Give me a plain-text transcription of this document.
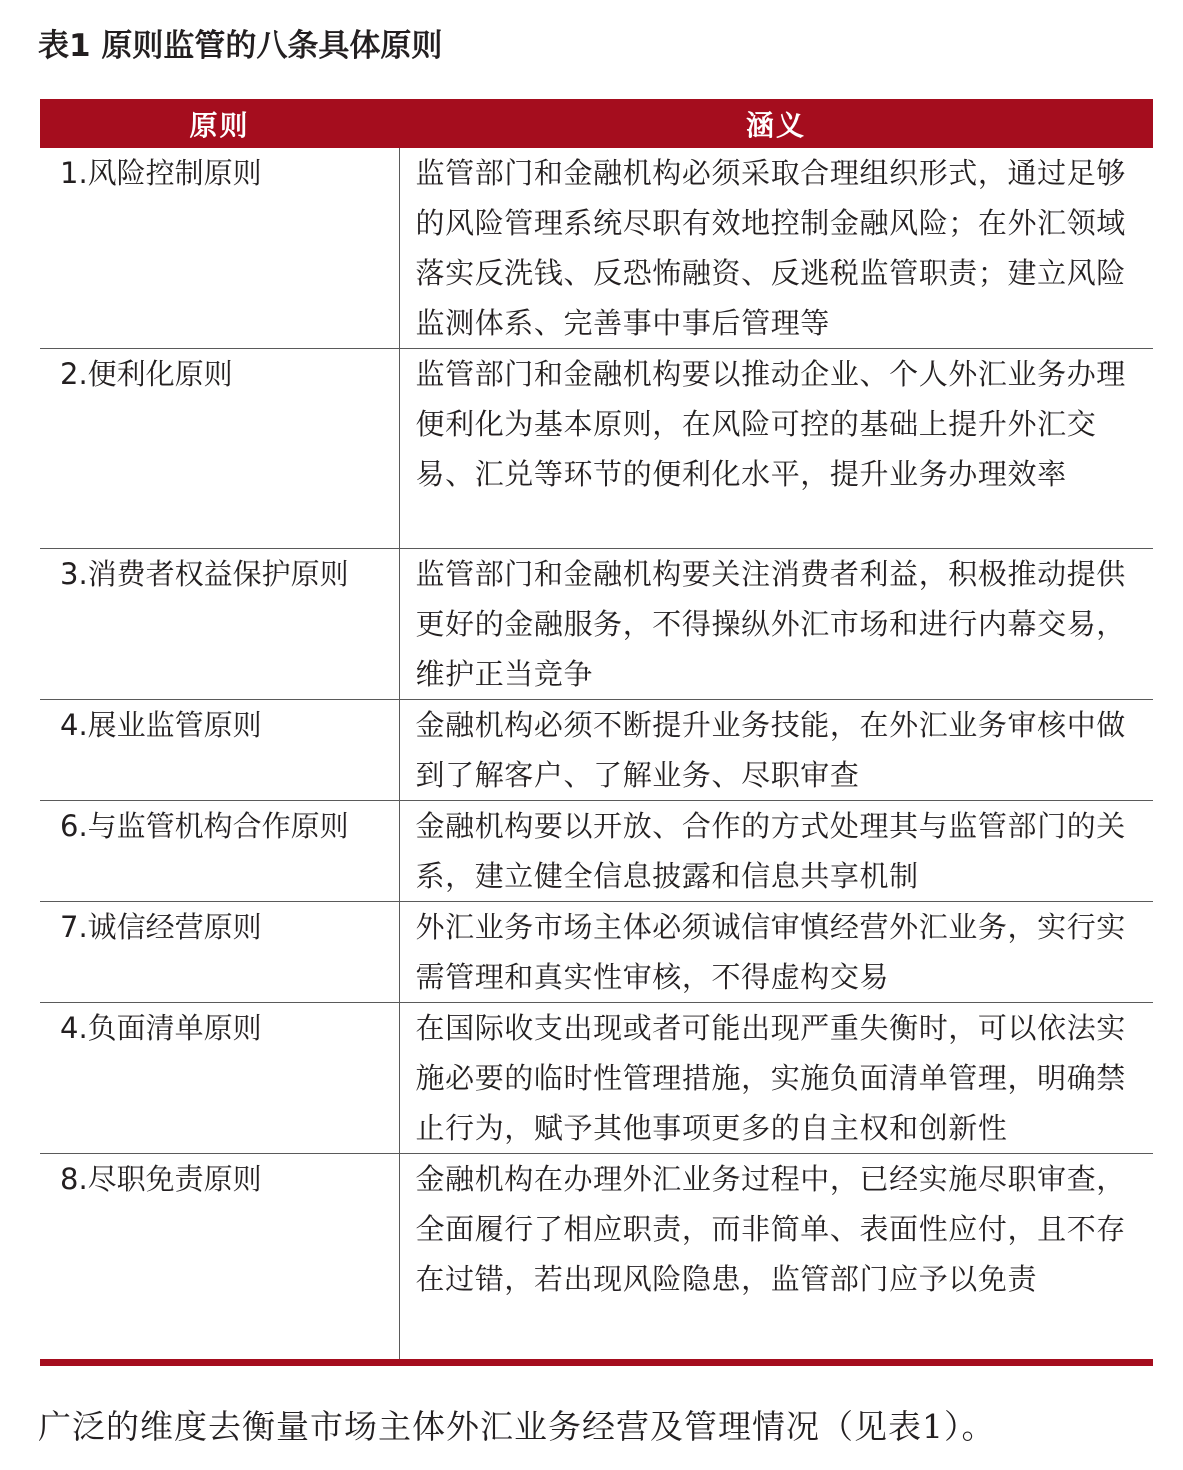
表1 原则监管的八条具体原则
原则	涵义
1.风险控制原则	监管部门和金融机构必须采取合理组织形式，通过足够的风险管理系统尽职有效地控制金融风险；在外汇领域落实反洗钱、反恐怖融资、反逃税监管职责；建立风险监测体系、完善事中事后管理等
2.便利化原则	监管部门和金融机构要以推动企业、个人外汇业务办理便利化为基本原则，在风险可控的基础上提升外汇交易、汇兑等环节的便利化水平，提升业务办理效率
3.消费者权益保护原则	监管部门和金融机构要关注消费者利益，积极推动提供更好的金融服务，不得操纵外汇市场和进行内幕交易，维护正当竞争
4.展业监管原则	金融机构必须不断提升业务技能，在外汇业务审核中做到了解客户、了解业务、尽职审查
6.与监管机构合作原则	金融机构要以开放、合作的方式处理其与监管部门的关系，建立健全信息披露和信息共享机制
7.诚信经营原则	外汇业务市场主体必须诚信审慎经营外汇业务，实行实需管理和真实性审核，不得虚构交易
4.负面清单原则	在国际收支出现或者可能出现严重失衡时，可以依法实施必要的临时性管理措施，实施负面清单管理，明确禁止行为，赋予其他事项更多的自主权和创新性
8.尽职免责原则	金融机构在办理外汇业务过程中，已经实施尽职审查，全面履行了相应职责，而非简单、表面性应付，且不存在过错，若出现风险隐患，监管部门应予以免责
广泛的维度去衡量市场主体外汇业务经营及管理情况（见表1）。
